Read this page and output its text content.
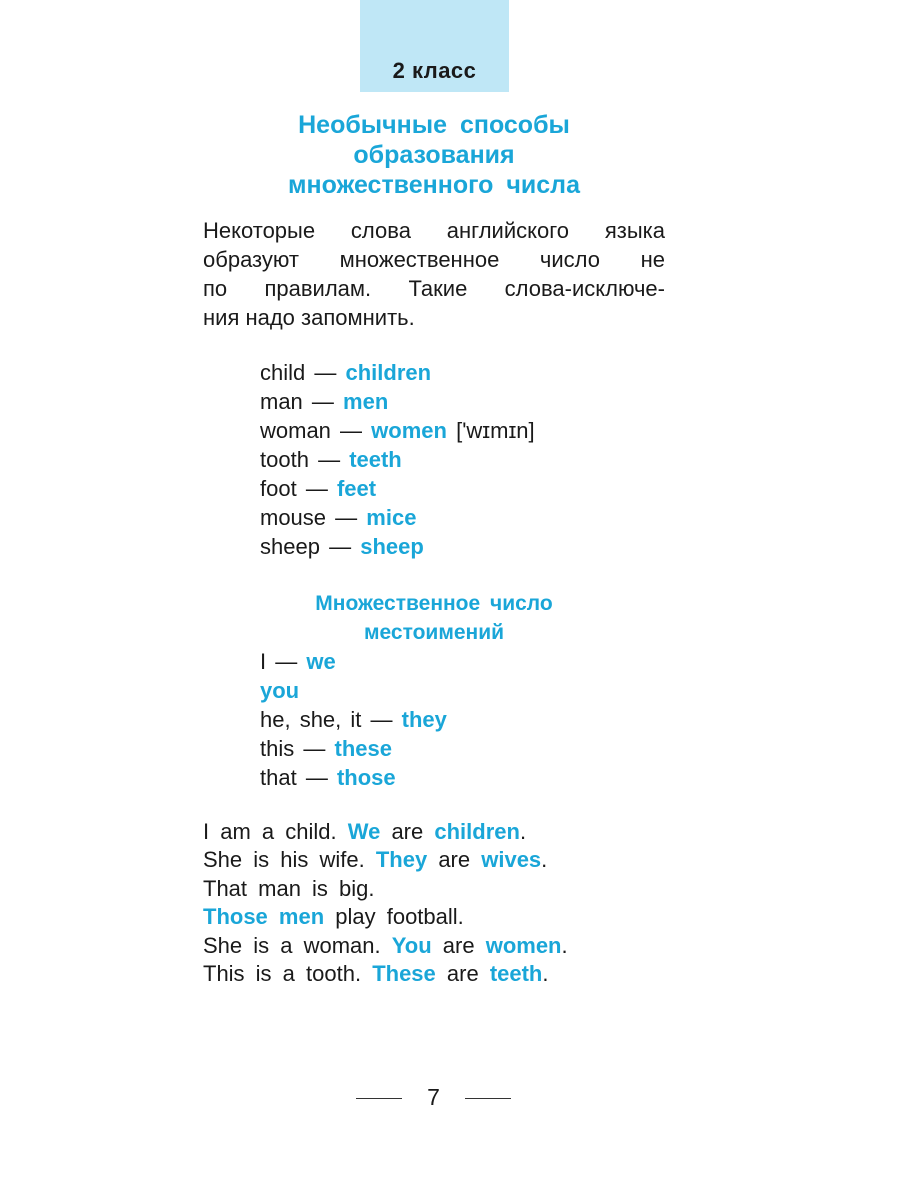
2 класс
Необычные способы
образования
множественного числа
Некоторые слова английского языка
образуют множественное число не
по правилам. Такие слова-исключе-
ния надо запомнить.
child — children
man — men
woman — women ['wɪmɪn]
tooth — teeth
foot — feet
mouse — mice
sheep — sheep
Множественное число
местоимений
I — we
you
he, she, it — they
this — these
that — those
I am a child. We are children.
She is his wife. They are wives.
That man is big.
Those men play football.
She is a woman. You are women.
This is a tooth. These are teeth.
7
